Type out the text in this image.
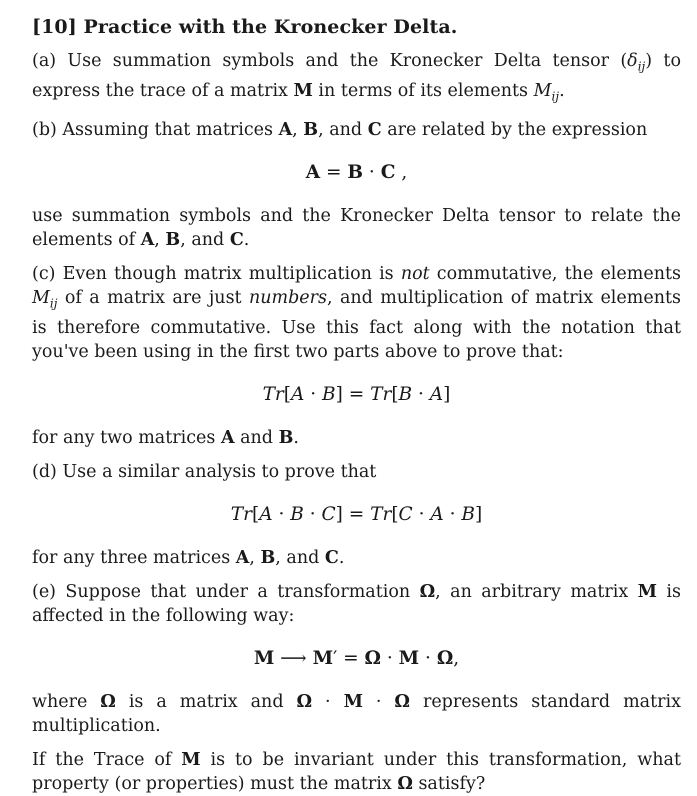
[10] Practice with the Kronecker Delta.

(a) Use summation symbols and the Kronecker Delta tensor $(\delta_{ij})$ to express the trace of a matrix M in terms of its elements $M_{ij}$.

(b) Assuming that matrices A, B, and C are related by the expression

A = B · C ,

use summation symbols and the Kronecker Delta tensor to relate the elements of A, B, and C.

(c) Even though matrix multiplication is not commutative, the elements $M_{ij}$ of a matrix are just numbers, and multiplication of matrix elements is therefore commutative. Use this fact along with the notation that you've been using in the first two parts above to prove that:

Tr[A · B] = Tr[B · A]

for any two matrices A and B.

(d) Use a similar analysis to prove that

Tr[A · B · C] = Tr[C · A · B]

for any three matrices A, B, and C.

(e) Suppose that under a transformation Ω, an arbitrary matrix M is affected in the following way:

M ⟶ M′ = Ω · M · Ω,

where Ω is a matrix and Ω · M · Ω represents standard matrix multiplication.

If the Trace of M is to be invariant under this transformation, what property (or properties) must the matrix Ω satisfy?
